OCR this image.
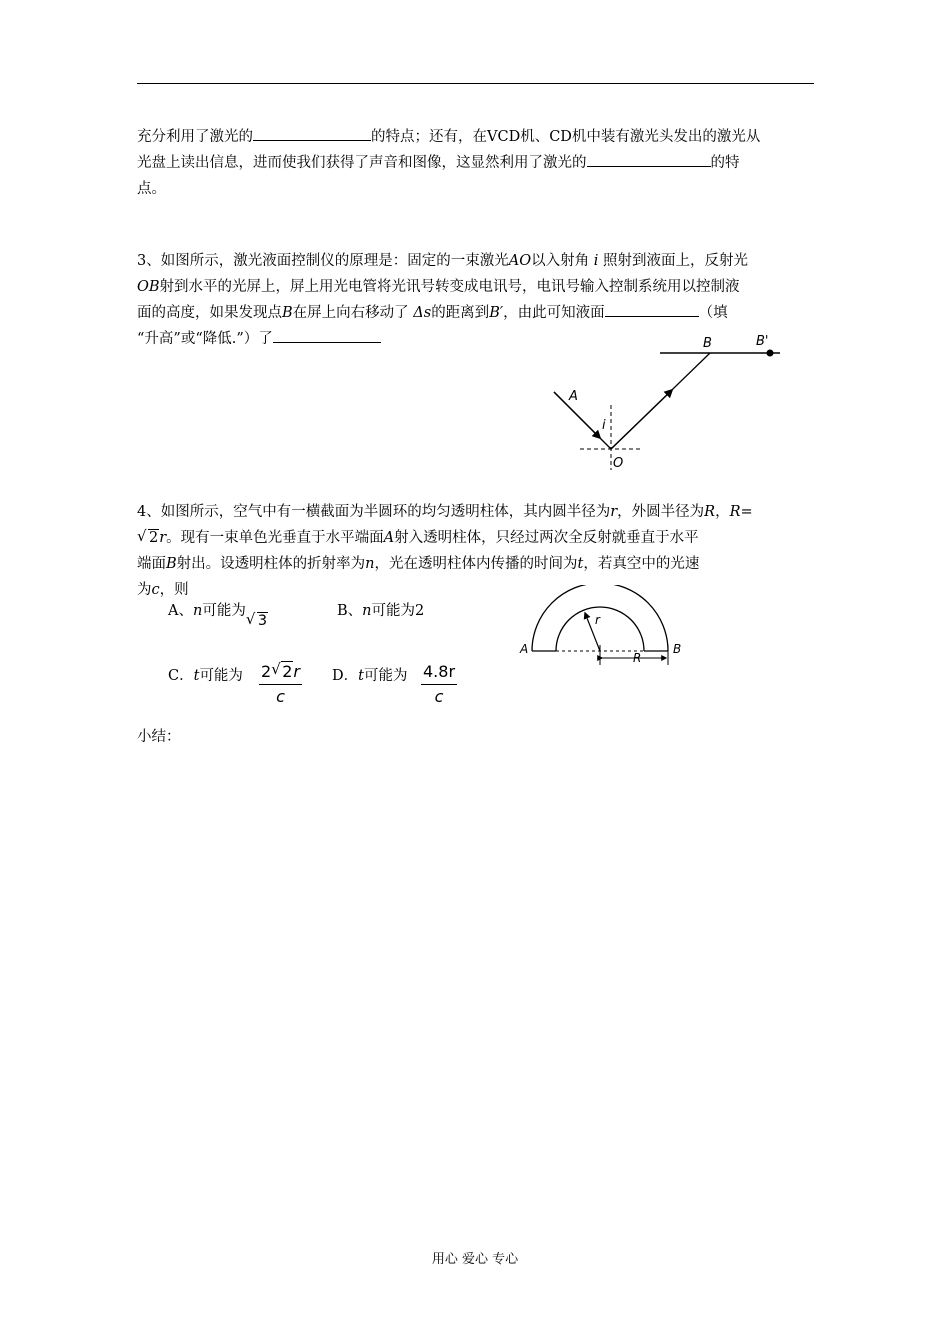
充分利用了激光的	的特点；还有，在VCD机、CD机中装有激光头发出的激光从
光盘上读出信息，进而使我们获得了声音和图像，这显然利用了激光的	的特
点。

3、如图所示，激光液面控制仪的原理是：固定的一束激光AO以入射角 i 照射到液面上，反射光
OB射到水平的光屏上，屏上用光电管将光讯号转变成电讯号，电讯号输入控制系统用以控制液
面的高度，如果发现点B在屏上向右移动了 Δs的距离到B′，由此可知液面	（填
“升高”或“降低.”）了

A
B	B'
i
O

4、如图所示，空气中有一横截面为半圆环的均匀透明柱体，其内圆半径为r，外圆半径为R，R=

√ 2r。现有一束单色光垂直于水平端面A射入透明柱体，只经过两次全反射就垂直于水平
端面B射出。设透明柱体的折射率为n，光在透明柱体内传播的时间为t，若真空中的光速
为c，则

A、n可能为 √ 3
B、n可能为2
C．t可能为 $\frac{2 √ 2r}{c}$ D．t可能为 $\frac{4.8r}{c}$
A	B
r
R

小结：

用心 爱心 专心
